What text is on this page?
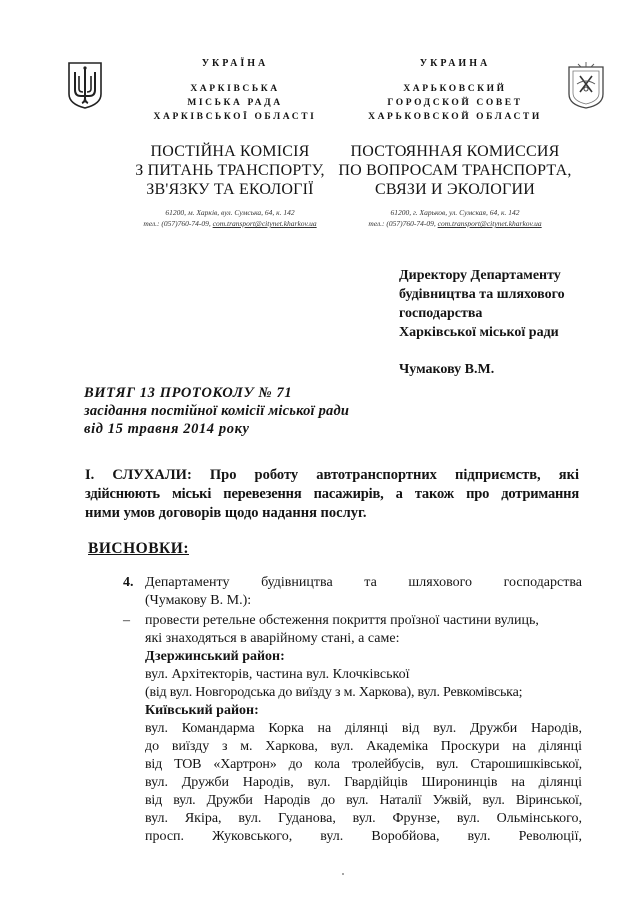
УКРАЇНА
ХАРКІВСЬКА
МІСЬКА РАДА
ХАРКІВСЬКОЇ ОБЛАСТІ
ПОСТІЙНА КОМІСІЯ
З ПИТАНЬ ТРАНСПОРТУ,
ЗВ'ЯЗКУ ТА ЕКОЛОГІЇ
61200, м. Харків, вул. Сумська, 64, к. 142
тел.: (057)760-74-09, com.transport@citynet.kharkov.ua
УКРАИНА
ХАРЬКОВСКИЙ
ГОРОДСКОЙ СОВЕТ
ХАРЬКОВСКОЙ ОБЛАСТИ
ПОСТОЯННАЯ КОМИССИЯ
ПО ВОПРОСАМ ТРАНСПОРТА,
СВЯЗИ И ЭКОЛОГИИ
61200, г. Харьков, ул. Сумская, 64, к. 142
тел.: (057)760-74-09, com.transport@citynet.kharkov.ua
Директору Департаменту
будівництва та шляхового
господарства
Харківської міської ради
Чумакову В.М.
ВИТЯГ 13 ПРОТОКОЛУ № 71
засідання постійної комісії міської ради
від 15 травня 2014 року
І. СЛУХАЛИ: Про роботу автотранспортних підприємств, які
здійснюють міські перевезення пасажирів, а також про дотримання
ними умов договорів щодо надання послуг.
ВИСНОВКИ:
4. Департаменту будівництва та шляхового господарства
(Чумакову В. М.):
– провести ретельне обстеження покриття проїзної частини вулиць,
які знаходяться в аварійному стані, а саме:
Дзержинський район:
вул. Архітекторів, частина вул. Клочківської
(від вул. Новгородська до виїзду з м. Харкова), вул. Ревкомівська;
Київський район:
вул. Командарма Корка на ділянці від вул. Дружби Народів,
до виїзду з м. Харкова, вул. Академіка Проскури на ділянці
від ТОВ «Хартрон» до кола тролейбусів, вул. Старошишківської,
вул. Дружби Народів, вул. Гвардійців Широнинців на ділянці
від вул. Дружби Народів до вул. Наталії Ужвій, вул. Віринської,
вул. Якіра, вул. Гуданова, вул. Фрунзе, вул. Ольмінського,
просп. Жуковського, вул. Воробйова, вул. Революції,
